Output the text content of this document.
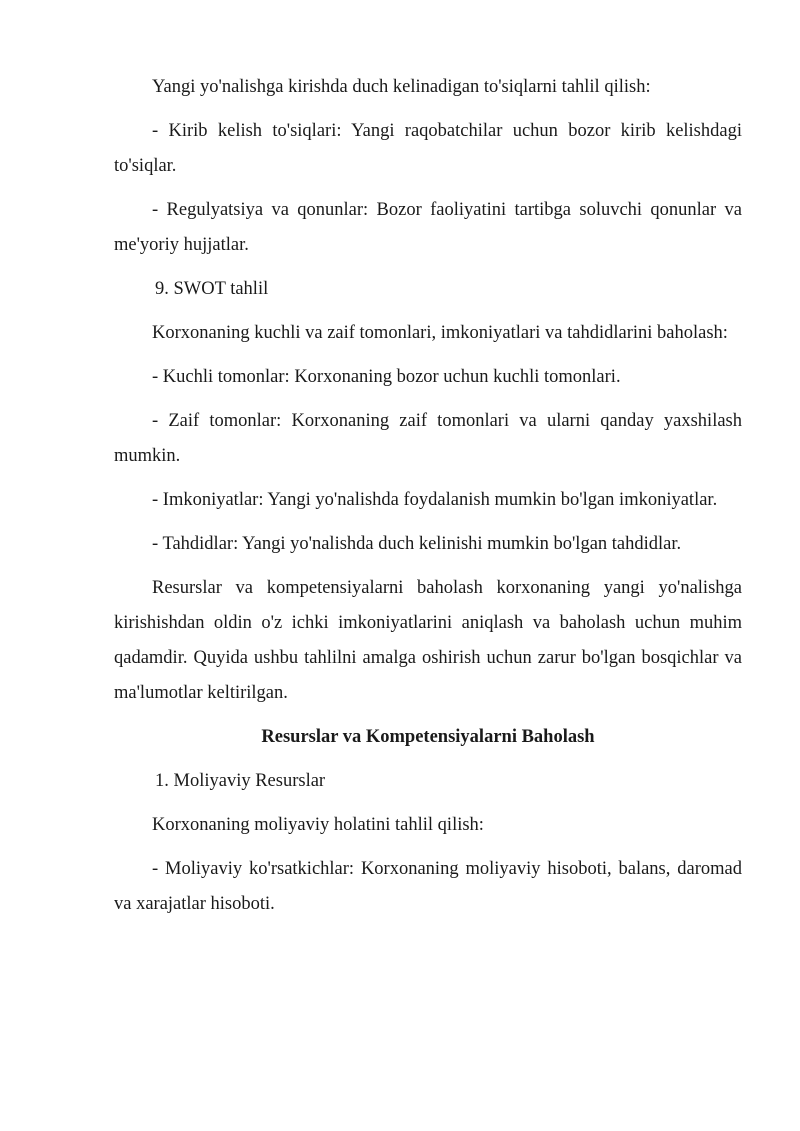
Yangi yo'nalishga kirishda duch kelinadigan to'siqlarni tahlil qilish:

- Kirib kelish to'siqlari: Yangi raqobatchilar uchun bozor kirib kelishdagi to'siqlar.

- Regulyatsiya va qonunlar: Bozor faoliyatini tartibga soluvchi qonunlar va me'yoriy hujjatlar.

9. SWOT tahlil

Korxonaning kuchli va zaif tomonlari, imkoniyatlari va tahdidlarini baholash:

- Kuchli tomonlar: Korxonaning bozor uchun kuchli tomonlari.

- Zaif tomonlar: Korxonaning zaif tomonlari va ularni qanday yaxshilash mumkin.

- Imkoniyatlar: Yangi yo'nalishda foydalanish mumkin bo'lgan imkoniyatlar.

- Tahdidlar: Yangi yo'nalishda duch kelinishi mumkin bo'lgan tahdidlar.

Resurslar va kompetensiyalarni baholash korxonaning yangi yo'nalishga kirishishdan oldin o'z ichki imkoniyatlarini aniqlash va baholash uchun muhim qadamdir. Quyida ushbu tahlilni amalga oshirish uchun zarur bo'lgan bosqichlar va ma'lumotlar keltirilgan.

Resurslar va Kompetensiyalarni Baholash

1. Moliyaviy Resurslar

Korxonaning moliyaviy holatini tahlil qilish:

- Moliyaviy ko'rsatkichlar: Korxonaning moliyaviy hisoboti, balans, daromad va xarajatlar hisoboti.
